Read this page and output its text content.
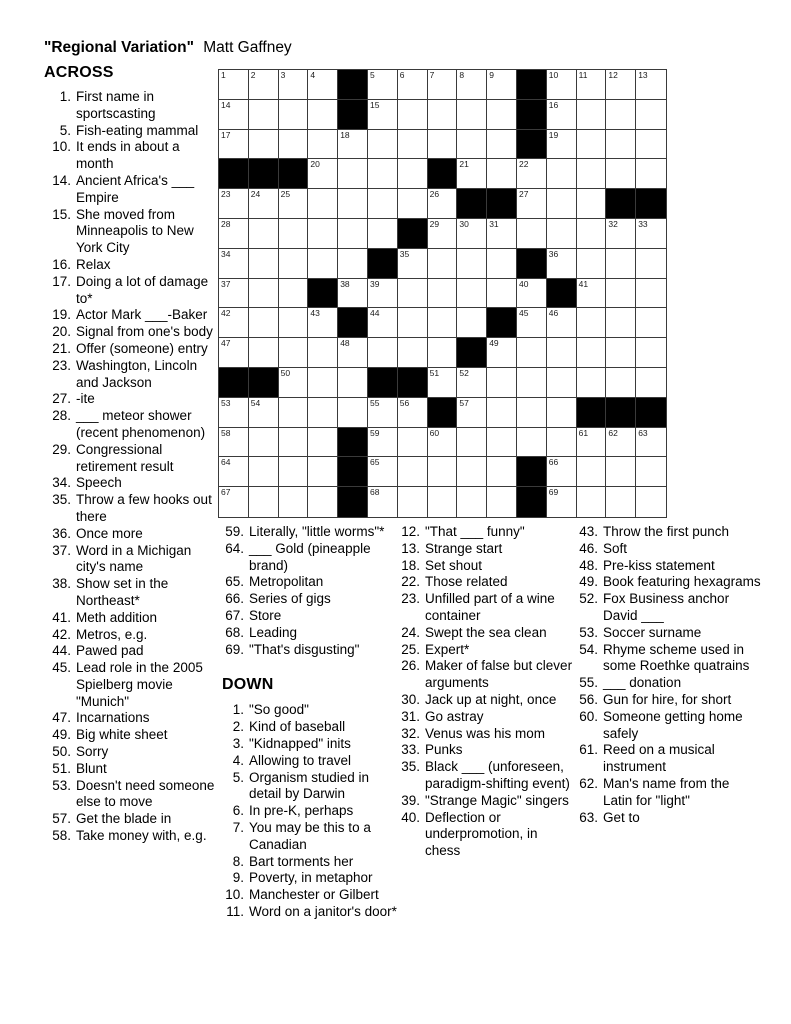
"Regional Variation" Matt Gaffney
ACROSS
1. First name in sportscasting
5. Fish-eating mammal
10. It ends in about a month
14. Ancient Africa's ___ Empire
15. She moved from Minneapolis to New York City
16. Relax
17. Doing a lot of damage to*
19. Actor Mark ___-Baker
20. Signal from one's body
21. Offer (someone) entry
23. Washington, Lincoln and Jackson
27. -ite
28. ___ meteor shower (recent phenomenon)
29. Congressional retirement result
34. Speech
35. Throw a few hooks out there
36. Once more
37. Word in a Michigan city's name
38. Show set in the Northeast*
41. Meth addition
42. Metros, e.g.
44. Pawed pad
45. Lead role in the 2005 Spielberg movie "Munich"
47. Incarnations
49. Big white sheet
50. Sorry
51. Blunt
53. Doesn't need someone else to move
57. Get the blade in
58. Take money with, e.g.
1	2	3	4	5	6	7	8	9	10 11 12 13
14	15	16
17	18	19
20	21	22
23 24 25	26	27
28	29 30 31	32 33
34	35	36
37	38 39	40	41
42	43	44	45 46
47	48	49
50	51 52
53 54	55 56	57
58	59	60	61 62 63
64	65	66
67	68	69
59. Literally, "little worms"*
64. ___ Gold (pineapple brand)
65. Metropolitan
66. Series of gigs
67. Store
68. Leading
69. "That's disgusting"
DOWN
1. "So good"
2. Kind of baseball
3. "Kidnapped" inits
4. Allowing to travel
5. Organism studied in detail by Darwin
6. In pre-K, perhaps
7. You may be this to a Canadian
8. Bart torments her
9. Poverty, in metaphor
10. Manchester or Gilbert
11. Word on a janitor's door*
12. "That ___ funny"
13. Strange start
18. Set shout
22. Those related
23. Unfilled part of a wine container
24. Swept the sea clean
25. Expert*
26. Maker of false but clever arguments
30. Jack up at night, once
31. Go astray
32. Venus was his mom
33. Punks
35. Black ___ (unforeseen, paradigm-shifting event)
39. "Strange Magic" singers
40. Deflection or underpromotion, in chess
43. Throw the first punch
46. Soft
48. Pre-kiss statement
49. Book featuring hexagrams
52. Fox Business anchor David ___
53. Soccer surname
54. Rhyme scheme used in some Roethke quatrains
55. ___ donation
56. Gun for hire, for short
60. Someone getting home safely
61. Reed on a musical instrument
62. Man's name from the Latin for "light"
63. Get to
